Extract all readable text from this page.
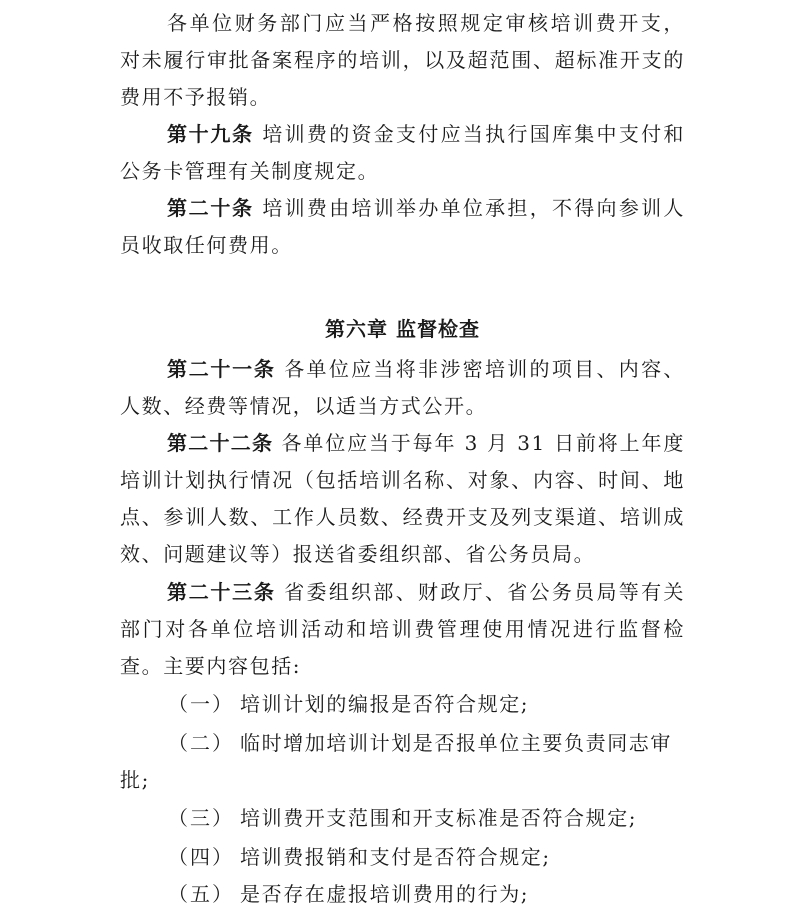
各单位财务部门应当严格按照规定审核培训费开支，对未履行审批备案程序的培训，以及超范围、超标准开支的费用不予报销。

第十九条 培训费的资金支付应当执行国库集中支付和公务卡管理有关制度规定。

第二十条 培训费由培训举办单位承担，不得向参训人员收取任何费用。

第六章 监督检查

第二十一条 各单位应当将非涉密培训的项目、内容、人数、经费等情况，以适当方式公开。

第二十二条 各单位应当于每年 3 月 31 日前将上年度培训计划执行情况（包括培训名称、对象、内容、时间、地点、参训人数、工作人员数、经费开支及列支渠道、培训成效、问题建议等）报送省委组织部、省公务员局。

第二十三条 省委组织部、财政厅、省公务员局等有关部门对各单位培训活动和培训费管理使用情况进行监督检查。主要内容包括:

（一） 培训计划的编报是否符合规定;

（二） 临时增加培训计划是否报单位主要负责同志审

批;

（三） 培训费开支范围和开支标准是否符合规定;

（四） 培训费报销和支付是否符合规定;

（五） 是否存在虚报培训费用的行为;
